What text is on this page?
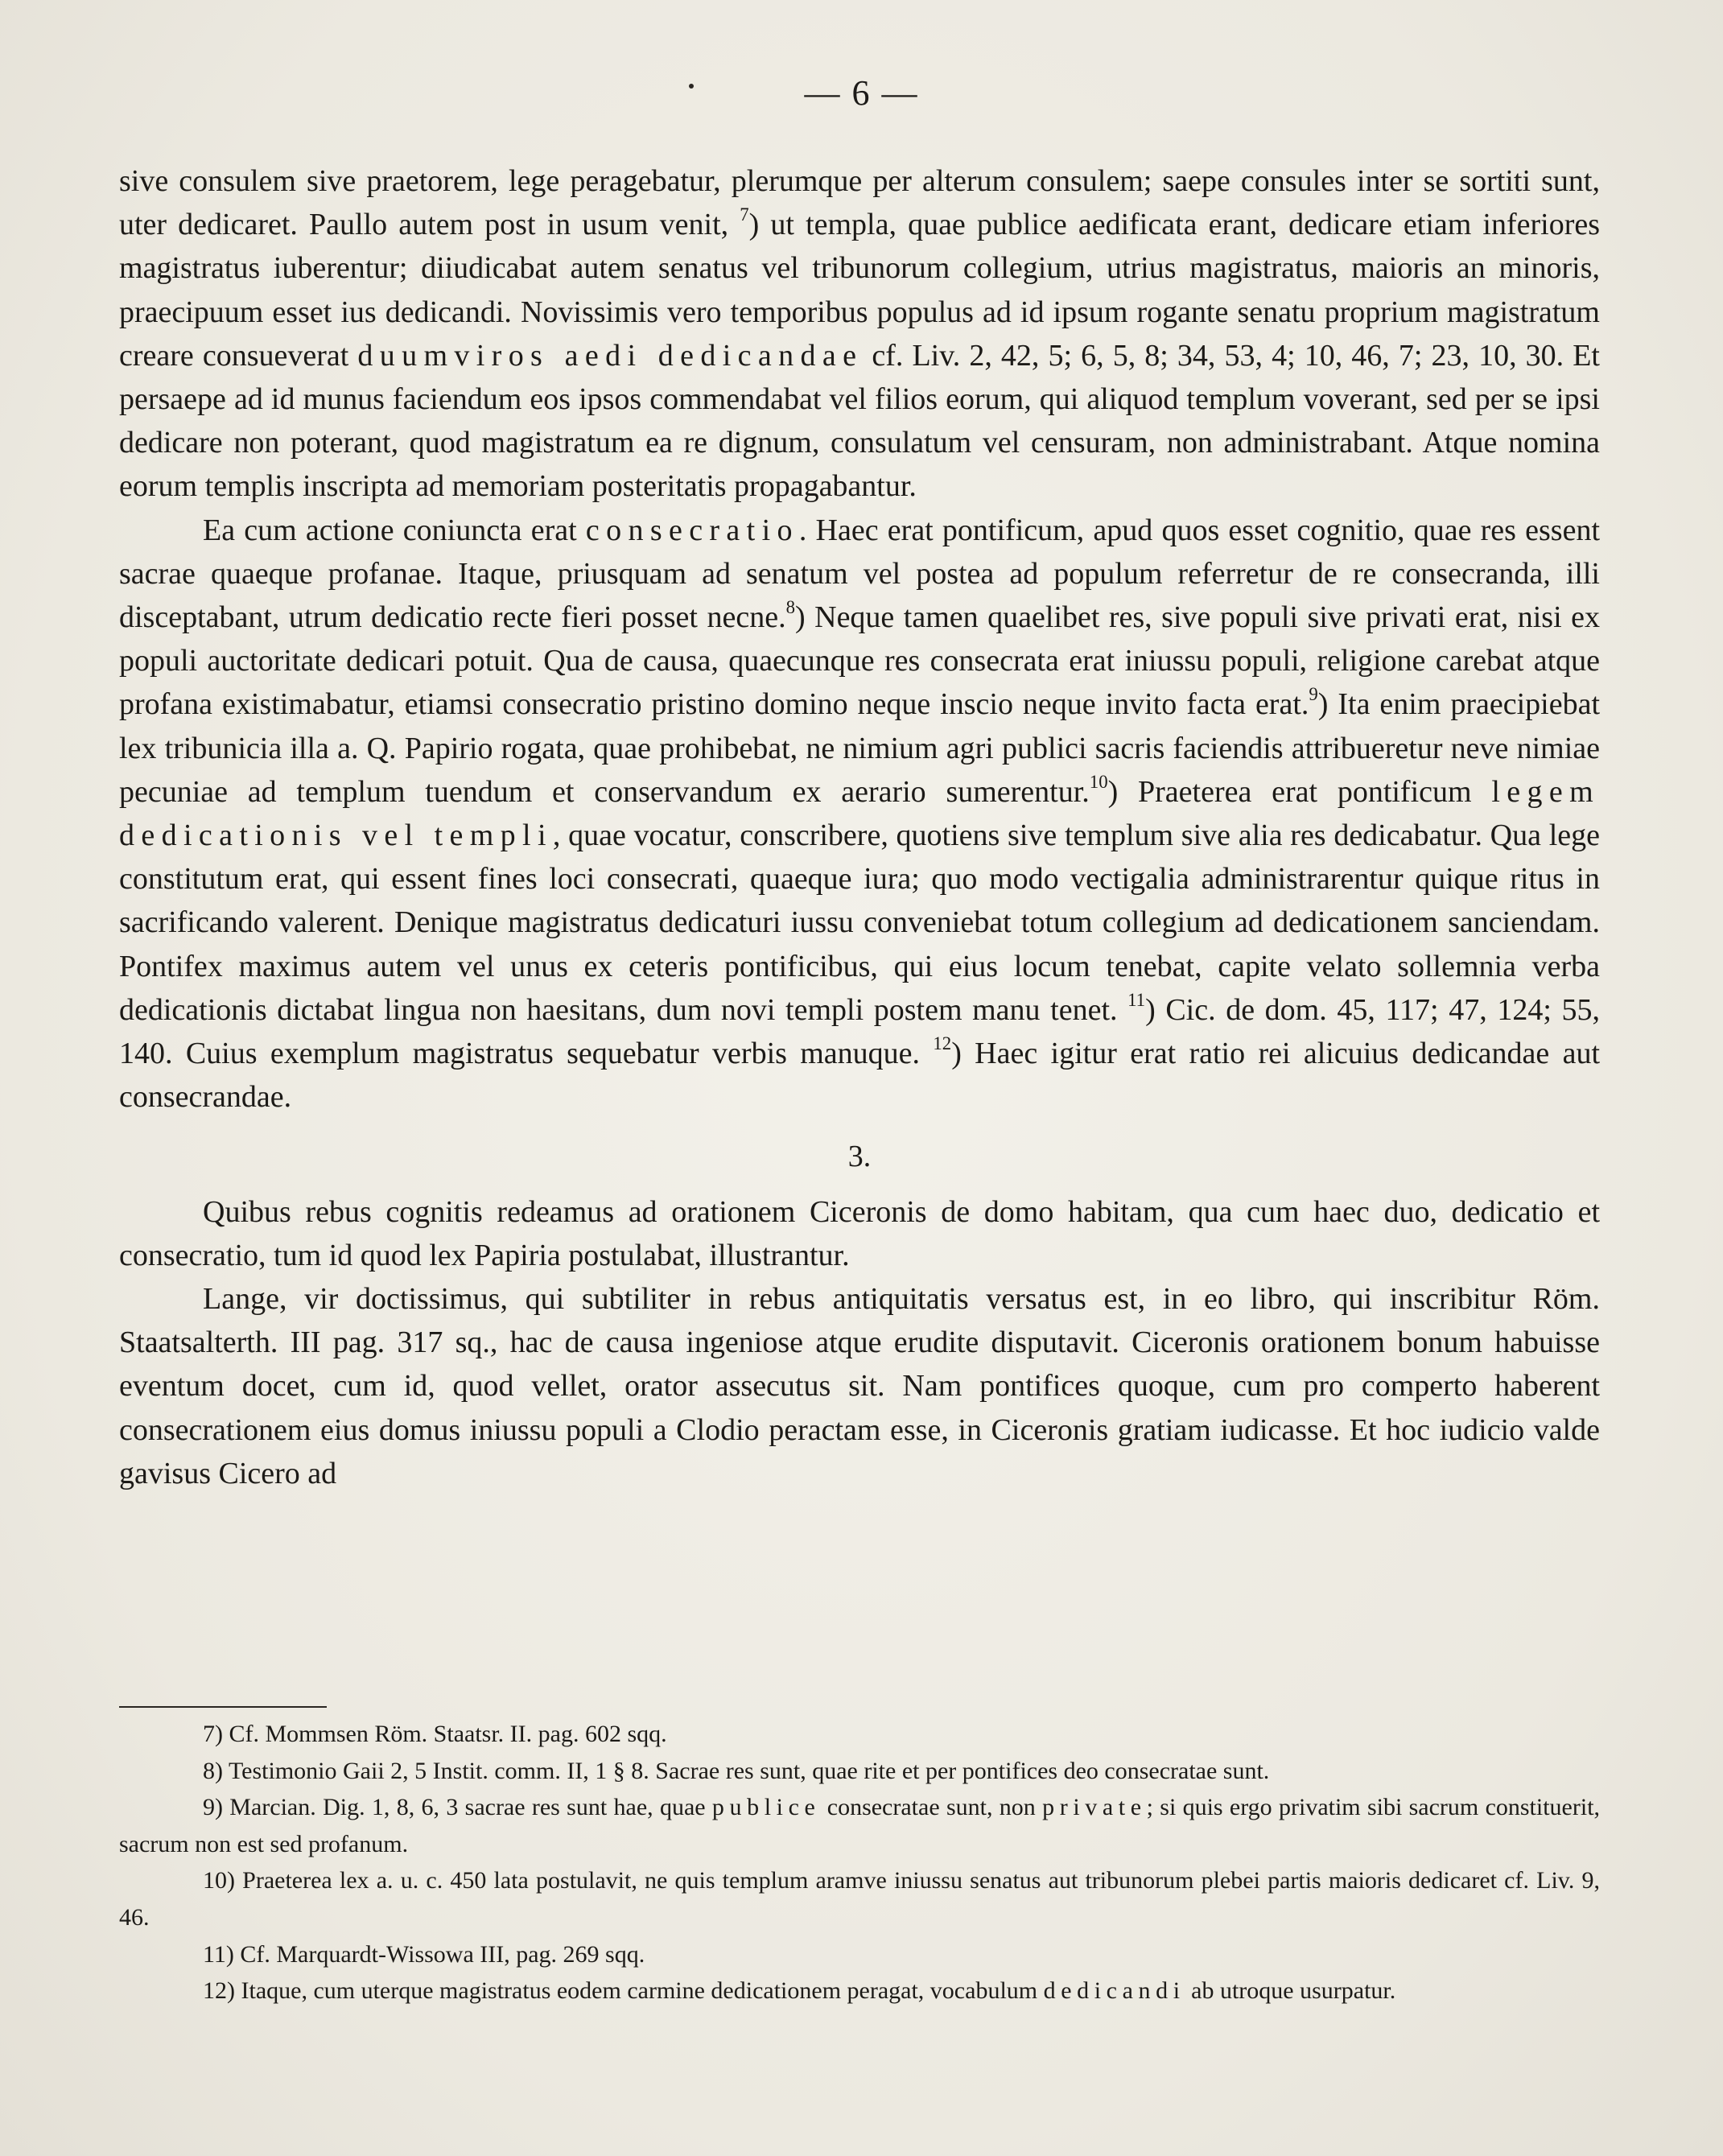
— 6 —

sive consulem sive praetorem, lege peragebatur, plerumque per alterum consulem; saepe consules inter se sortiti sunt, uter dedicaret. Paullo autem post in usum venit, $^7$) ut templa, quae publice aedificata erant, dedicare etiam inferiores magistratus iuberentur; diiudicabat autem senatus vel tribunorum collegium, utrius magistratus, maioris an minoris, praecipuum esset ius dedicandi. Novissimis vero temporibus populus ad id ipsum rogante senatu proprium magistratum creare consueverat duumviros aedi dedicandae cf. Liv. 2, 42, 5; 6, 5, 8; 34, 53, 4; 10, 46, 7; 23, 10, 30. Et persaepe ad id munus faciendum eos ipsos commendabat vel filios eorum, qui aliquod templum voverant, sed per se ipsi dedicare non poterant, quod magistratum ea re dignum, consulatum vel censuram, non administrabant. Atque nomina eorum templis inscripta ad memoriam posteritatis propagabantur.

Ea cum actione coniuncta erat consecratio. Haec erat pontificum, apud quos esset cognitio, quae res essent sacrae quaeque profanae. Itaque, priusquam ad senatum vel postea ad populum referretur de re consecranda, illi disceptabant, utrum dedicatio recte fieri posset necne.$^8$) Neque tamen quaelibet res, sive populi sive privati erat, nisi ex populi auctoritate dedicari potuit. Qua de causa, quaecunque res consecrata erat iniussu populi, religione carebat atque profana existimabatur, etiamsi consecratio pristino domino neque inscio neque invito facta erat.$^9$) Ita enim praecipiebat lex tribunicia illa a. Q. Papirio rogata, quae prohibebat, ne nimium agri publici sacris faciendis attribueretur neve nimiae pecuniae ad templum tuendum et conservandum ex aerario sumerentur.$^{10}$) Praeterea erat pontificum legem dedicationis vel templi, quae vocatur, conscribere, quotiens sive templum sive alia res dedicabatur. Qua lege constitutum erat, qui essent fines loci consecrati, quaeque iura; quo modo vectigalia administrarentur quique ritus in sacrificando valerent. Denique magistratus dedicaturi iussu conveniebat totum collegium ad dedicationem sanciendam. Pontifex maximus autem vel unus ex ceteris pontificibus, qui eius locum tenebat, capite velato sollemnia verba dedicationis dictabat lingua non haesitans, dum novi templi postem manu tenet. $^{11}$) Cic. de dom. 45, 117; 47, 124; 55, 140. Cuius exemplum magistratus sequebatur verbis manuque. $^{12}$) Haec igitur erat ratio rei alicuius dedicandae aut consecrandae.

3.

Quibus rebus cognitis redeamus ad orationem Ciceronis de domo habitam, qua cum haec duo, dedicatio et consecratio, tum id quod lex Papiria postulabat, illustrantur.

Lange, vir doctissimus, qui subtiliter in rebus antiquitatis versatus est, in eo libro, qui inscribitur Röm. Staatsalterth. III pag. 317 sq., hac de causa ingeniose atque erudite disputavit. Ciceronis orationem bonum habuisse eventum docet, cum id, quod vellet, orator assecutus sit. Nam pontifices quoque, cum pro comperto haberent consecrationem eius domus iniussu populi a Clodio peractam esse, in Ciceronis gratiam iudicasse. Et hoc iudicio valde gavisus Cicero ad

7) Cf. Mommsen Röm. Staatsr. II. pag. 602 sqq.

8) Testimonio Gaii 2, 5 Instit. comm. II, 1 § 8. Sacrae res sunt, quae rite et per pontifices deo consecratae sunt.

9) Marcian. Dig. 1, 8, 6, 3 sacrae res sunt hae, quae publice consecratae sunt, non private; si quis ergo privatim sibi sacrum constituerit, sacrum non est sed profanum.

10) Praeterea lex a. u. c. 450 lata postulavit, ne quis templum aramve iniussu senatus aut tribunorum plebei partis maioris dedicaret cf. Liv. 9, 46.

11) Cf. Marquardt-Wissowa III, pag. 269 sqq.

12) Itaque, cum uterque magistratus eodem carmine dedicationem peragat, vocabulum dedicandi ab utroque usurpatur.
